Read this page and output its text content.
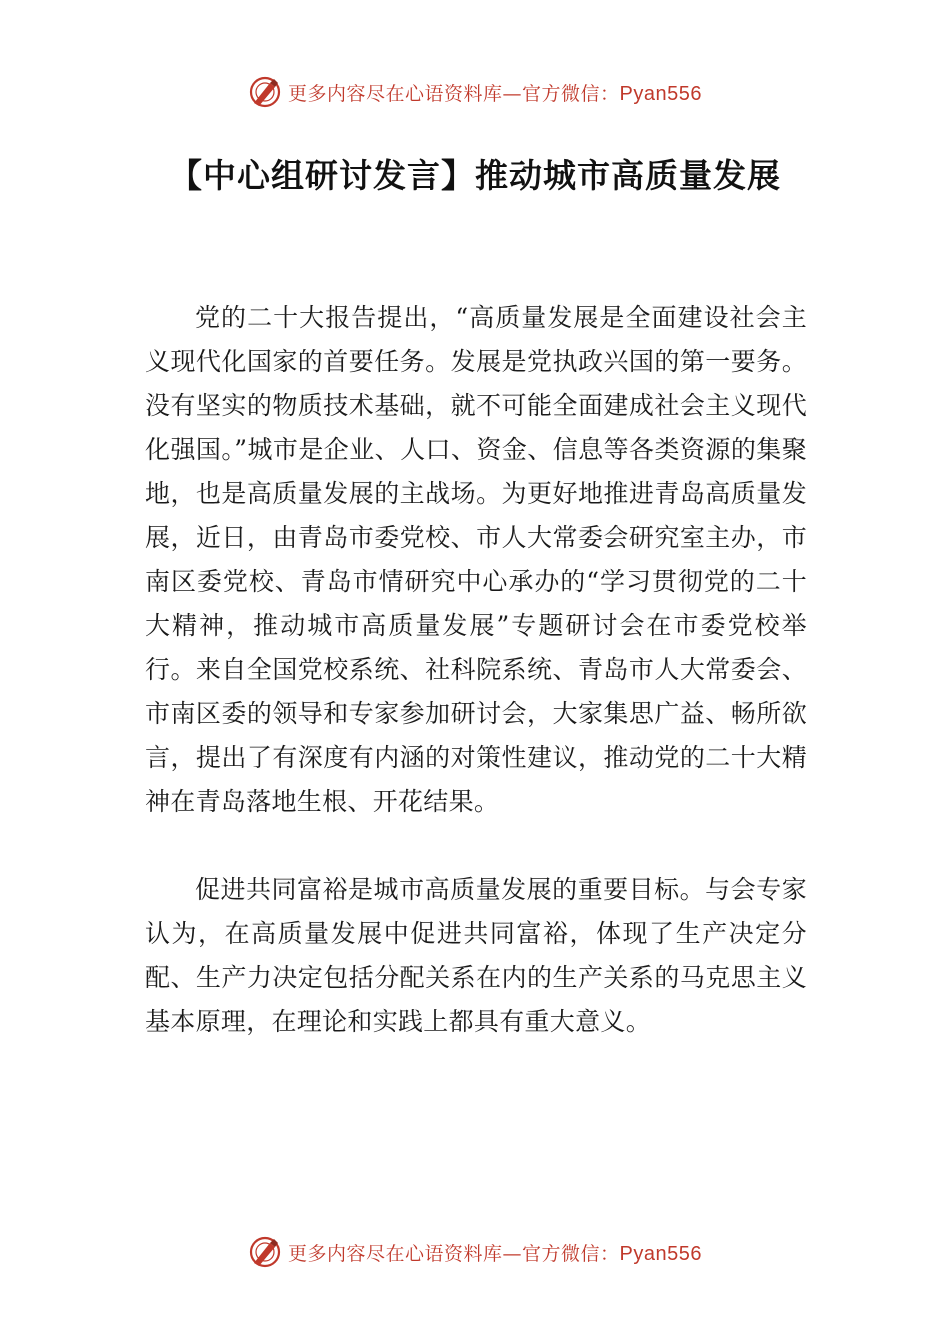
更多内容尽在心语资料库—官方微信：Pyan556
【中心组研讨发言】推动城市高质量发展

党的二十大报告提出，“高质量发展是全面建设社会主义现代化国家的首要任务。发展是党执政兴国的第一要务。没有坚实的物质技术基础，就不可能全面建成社会主义现代化强国。”城市是企业、人口、资金、信息等各类资源的集聚地，也是高质量发展的主战场。为更好地推进青岛高质量发展，近日，由青岛市委党校、市人大常委会研究室主办，市南区委党校、青岛市情研究中心承办的“学习贯彻党的二十大精神，推动城市高质量发展”专题研讨会在市委党校举行。来自全国党校系统、社科院系统、青岛市人大常委会、市南区委的领导和专家参加研讨会，大家集思广益、畅所欲言，提出了有深度有内涵的对策性建议，推动党的二十大精神在青岛落地生根、开花结果。

促进共同富裕是城市高质量发展的重要目标。与会专家认为，在高质量发展中促进共同富裕，体现了生产决定分配、生产力决定包括分配关系在内的生产关系的马克思主义基本原理，在理论和实践上都具有重大意义。

更多内容尽在心语资料库—官方微信：Pyan556
